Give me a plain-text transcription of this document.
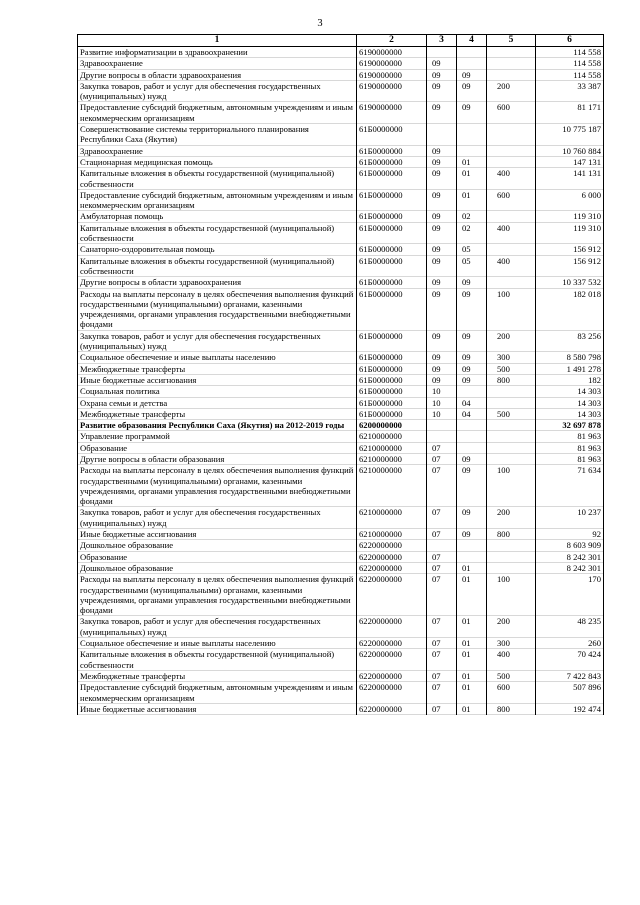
3
1	2	3	4	5	6
Развитие информатизации в здравоохранении	6190000000				114 558
Здравоохранение	6190000000	09			114 558
Другие вопросы в области здравоохранения	6190000000	09	09		114 558
Закупка товаров, работ и услуг для обеспечения государственных (муниципальных) нужд	6190000000	09	09	200	33 387
Предоставление субсидий бюджетным, автономным учреждениям и иным некоммерческим организациям	6190000000	09	09	600	81 171
Совершенствование системы территориального планирования Республики Саха (Якутия)	61Б0000000				10 775 187
Здравоохранение	61Б0000000	09			10 760 884
Стационарная медицинская помощь	61Б0000000	09	01		147 131
Капитальные вложения в объекты государственной (муниципальной) собственности	61Б0000000	09	01	400	141 131
Предоставление субсидий бюджетным, автономным учреждениям и иным некоммерческим организациям	61Б0000000	09	01	600	6 000
Амбулаторная помощь	61Б0000000	09	02		119 310
Капитальные вложения в объекты государственной (муниципальной) собственности	61Б0000000	09	02	400	119 310
Санаторно-оздоровительная помощь	61Б0000000	09	05		156 912
Капитальные вложения в объекты государственной (муниципальной) собственности	61Б0000000	09	05	400	156 912
Другие вопросы в области здравоохранения	61Б0000000	09	09		10 337 532
Расходы на выплаты персоналу в целях обеспечения выполнения функций государственными (муниципальными) органами, казенными учреждениями, органами управления государственными внебюджетными фондами	61Б0000000	09	09	100	182 018
Закупка товаров, работ и услуг для обеспечения государственных (муниципальных) нужд	61Б0000000	09	09	200	83 256
Социальное обеспечение и иные выплаты населению	61Б0000000	09	09	300	8 580 798
Межбюджетные трансферты	61Б0000000	09	09	500	1 491 278
Иные бюджетные ассигнования	61Б0000000	09	09	800	182
Социальная политика	61Б0000000	10			14 303
Охрана семьи и детства	61Б0000000	10	04		14 303
Межбюджетные трансферты	61Б0000000	10	04	500	14 303
Развитие образования Республики Саха (Якутия) на 2012-2019 годы	6200000000				32 697 878
Управление программой	6210000000				81 963
Образование	6210000000	07			81 963
Другие вопросы в области образования	6210000000	07	09		81 963
Расходы на выплаты персоналу в целях обеспечения выполнения функций государственными (муниципальными) органами, казенными учреждениями, органами управления государственными внебюджетными фондами	6210000000	07	09	100	71 634
Закупка товаров, работ и услуг для обеспечения государственных (муниципальных) нужд	6210000000	07	09	200	10 237
Иные бюджетные ассигнования	6210000000	07	09	800	92
Дошкольное образование	6220000000				8 603 909
Образование	6220000000	07			8 242 301
Дошкольное образование	6220000000	07	01		8 242 301
Расходы на выплаты персоналу в целях обеспечения выполнения функций государственными (муниципальными) органами, казенными учреждениями, органами управления государственными внебюджетными фондами	6220000000	07	01	100	170
Закупка товаров, работ и услуг для обеспечения государственных (муниципальных) нужд	6220000000	07	01	200	48 235
Социальное обеспечение и иные выплаты населению	6220000000	07	01	300	260
Капитальные вложения в объекты государственной (муниципальной) собственности	6220000000	07	01	400	70 424
Межбюджетные трансферты	6220000000	07	01	500	7 422 843
Предоставление субсидий бюджетным, автономным учреждениям и иным некоммерческим организациям	6220000000	07	01	600	507 896
Иные бюджетные ассигнования	6220000000	07	01	800	192 474
